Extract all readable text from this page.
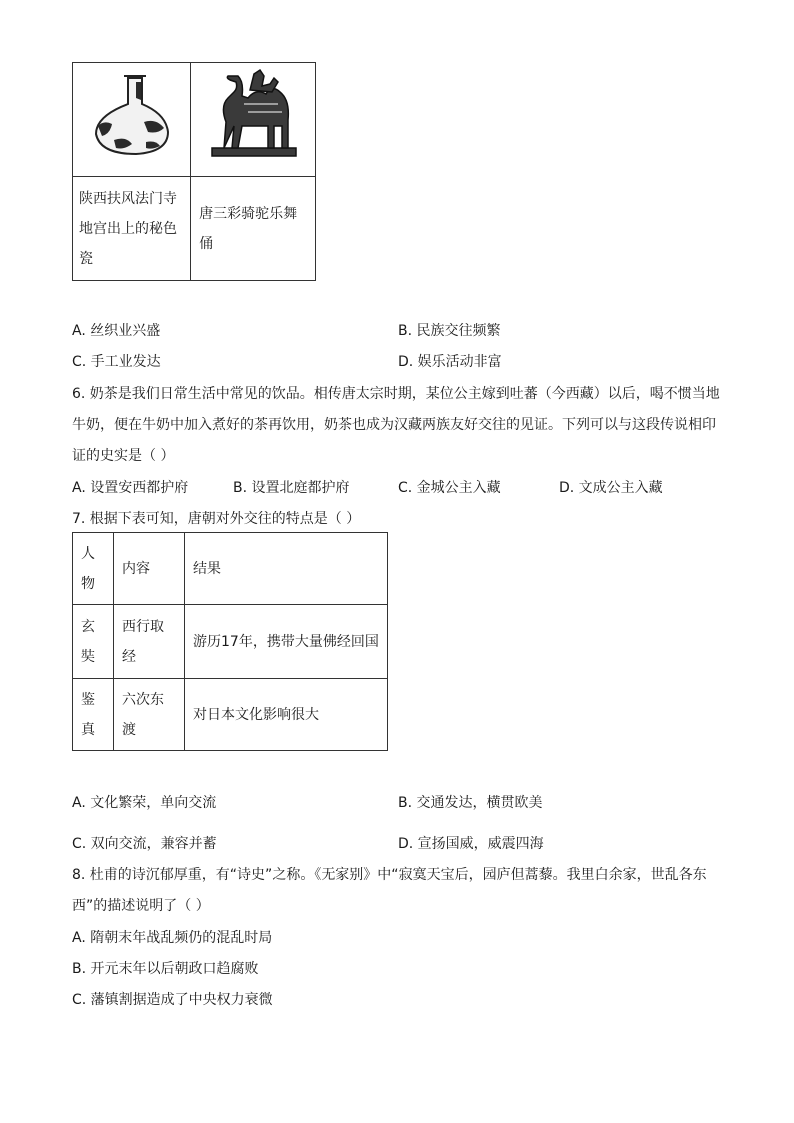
陕西扶风法门寺地宫出上的秘色瓷	唐三彩骑驼乐舞俑
A. 丝织业兴盛	B. 民族交往频繁
C. 手工业发达	D. 娱乐活动非富
6. 奶茶是我们日常生活中常见的饮品。相传唐太宗时期，某位公主嫁到吐蕃（今西藏）以后，喝不惯当地
牛奶，便在牛奶中加入煮好的茶再饮用，奶茶也成为汉藏两族友好交往的见证。下列可以与这段传说相印
证的史实是（ ）
A. 设置安西都护府	B. 设置北庭都护府	C. 金城公主入藏	D. 文成公主入藏
7. 根据下表可知，唐朝对外交往的特点是（ ）
人物	内容	结果
玄奘	西行取经	游历17年，携带大量佛经回国
鉴真	六次东渡	对日本文化影响很大
A. 文化繁荣，单向交流	B. 交通发达，横贯欧美
C. 双向交流，兼容并蓄	D. 宣扬国威，威震四海
8. 杜甫的诗沉郁厚重，有“诗史”之称。《无家别》中“寂寞天宝后，园庐但蒿藜。我里白余家，世乱各东
西”的描述说明了（ ）
A. 隋朝末年战乱频仍的混乱时局
B. 开元末年以后朝政口趋腐败
C. 藩镇割据造成了中央权力衰微
